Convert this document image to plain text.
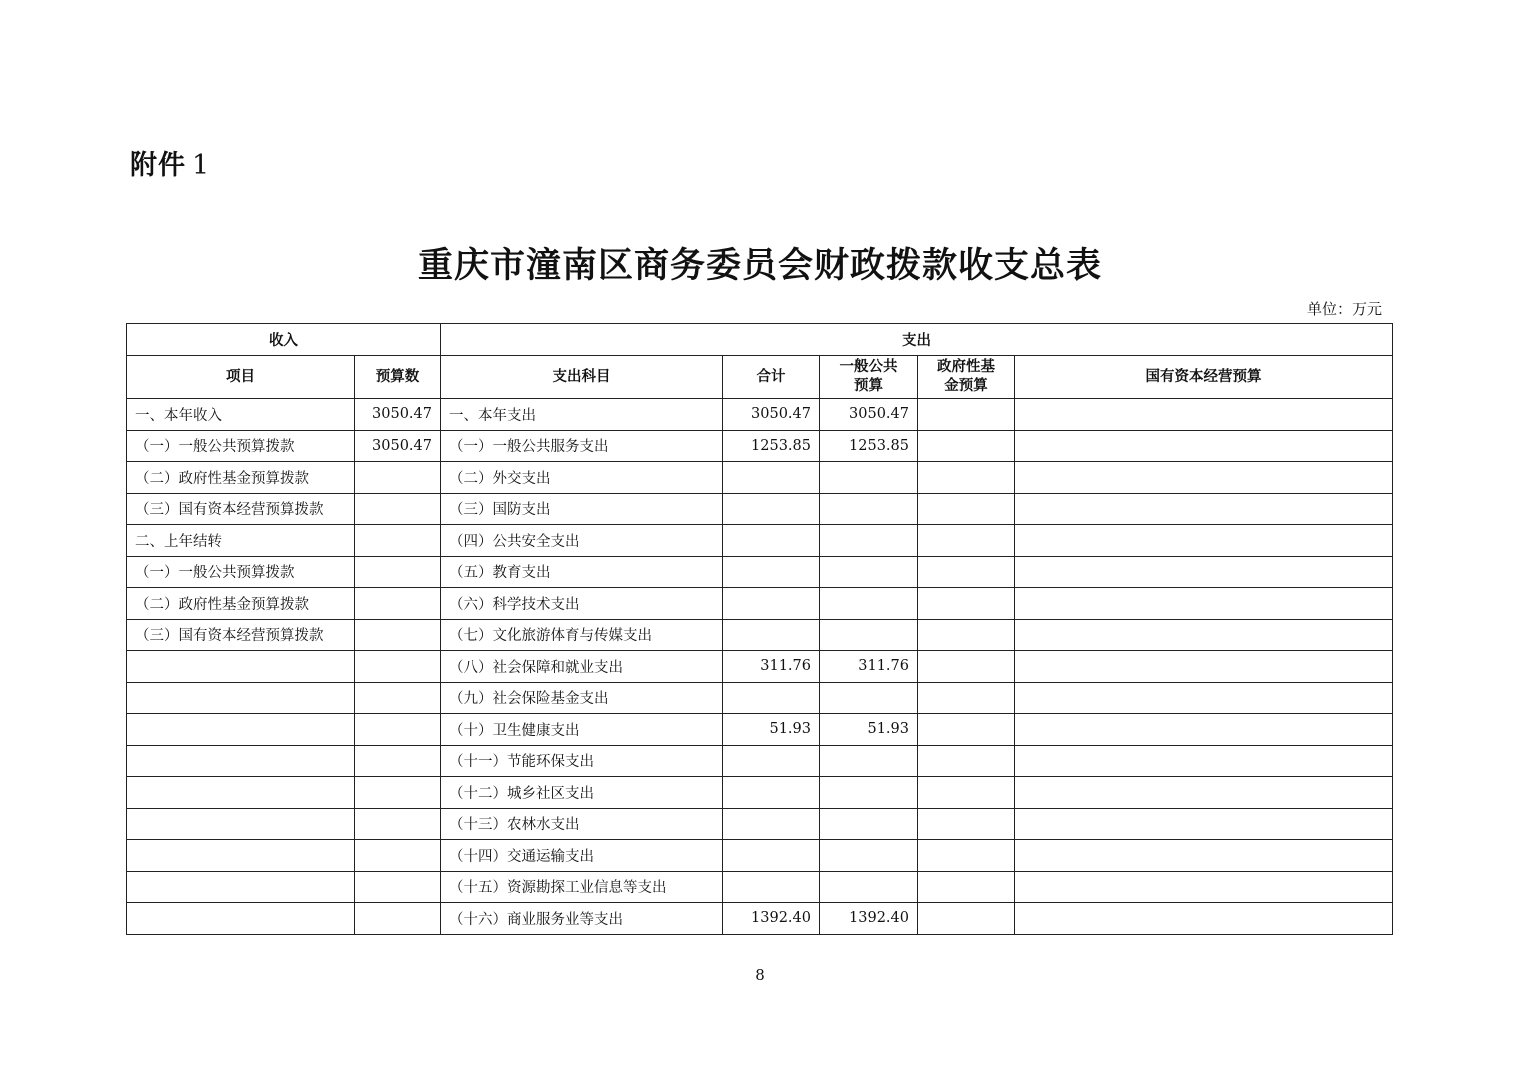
附件 1
重庆市潼南区商务委员会财政拨款收支总表
单位：万元
收入		支出				
项目	预算数	支出科目	合计	一般公共预算	政府性基金预算	国有资本经营预算
一、本年收入	3050.47	一、本年支出	3050.47	3050.47		
（一）一般公共预算拨款	3050.47	（一）一般公共服务支出	1253.85	1253.85		
（二）政府性基金预算拨款		（二）外交支出				
（三）国有资本经营预算拨款		（三）国防支出				
二、上年结转		（四）公共安全支出				
（一）一般公共预算拨款		（五）教育支出				
（二）政府性基金预算拨款		（六）科学技术支出				
（三）国有资本经营预算拨款		（七）文化旅游体育与传媒支出				
		（八）社会保障和就业支出	311.76	311.76		
		（九）社会保险基金支出				
		（十）卫生健康支出	51.93	51.93		
		（十一）节能环保支出				
		（十二）城乡社区支出				
		（十三）农林水支出				
		（十四）交通运输支出				
		（十五）资源勘探工业信息等支出				
		（十六）商业服务业等支出	1392.40	1392.40		
8
